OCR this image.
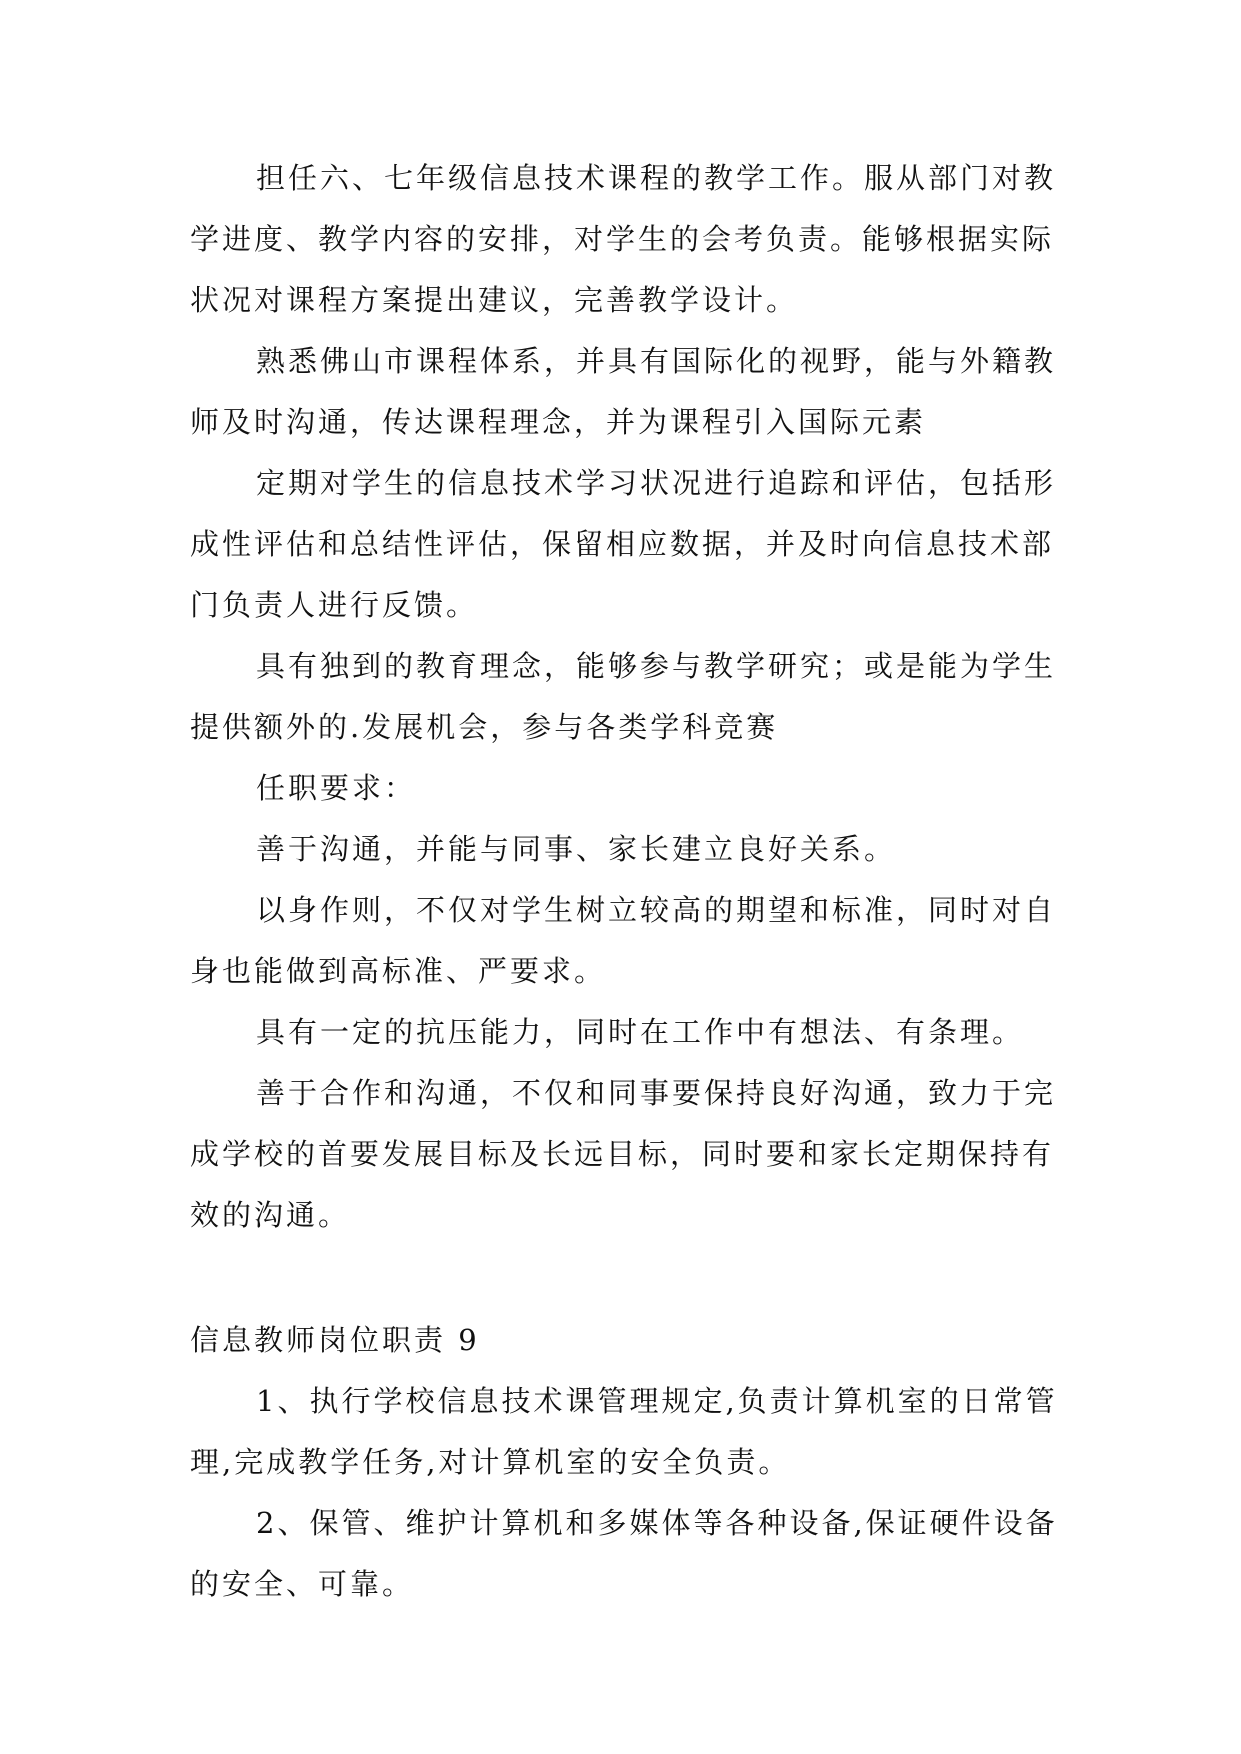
担任六、七年级信息技术课程的教学工作。服从部门对教学进度、教学内容的安排，对学生的会考负责。能够根据实际状况对课程方案提出建议，完善教学设计。

熟悉佛山市课程体系，并具有国际化的视野，能与外籍教师及时沟通，传达课程理念，并为课程引入国际元素

定期对学生的信息技术学习状况进行追踪和评估，包括形成性评估和总结性评估，保留相应数据，并及时向信息技术部门负责人进行反馈。

具有独到的教育理念，能够参与教学研究；或是能为学生提供额外的.发展机会，参与各类学科竞赛

任职要求：

善于沟通，并能与同事、家长建立良好关系。

以身作则，不仅对学生树立较高的期望和标准，同时对自身也能做到高标准、严要求。

具有一定的抗压能力，同时在工作中有想法、有条理。

善于合作和沟通，不仅和同事要保持良好沟通，致力于完成学校的首要发展目标及长远目标，同时要和家长定期保持有效的沟通。

信息教师岗位职责 9

1、执行学校信息技术课管理规定,负责计算机室的日常管理,完成教学任务,对计算机室的安全负责。

2、保管、维护计算机和多媒体等各种设备,保证硬件设备的安全、可靠。
